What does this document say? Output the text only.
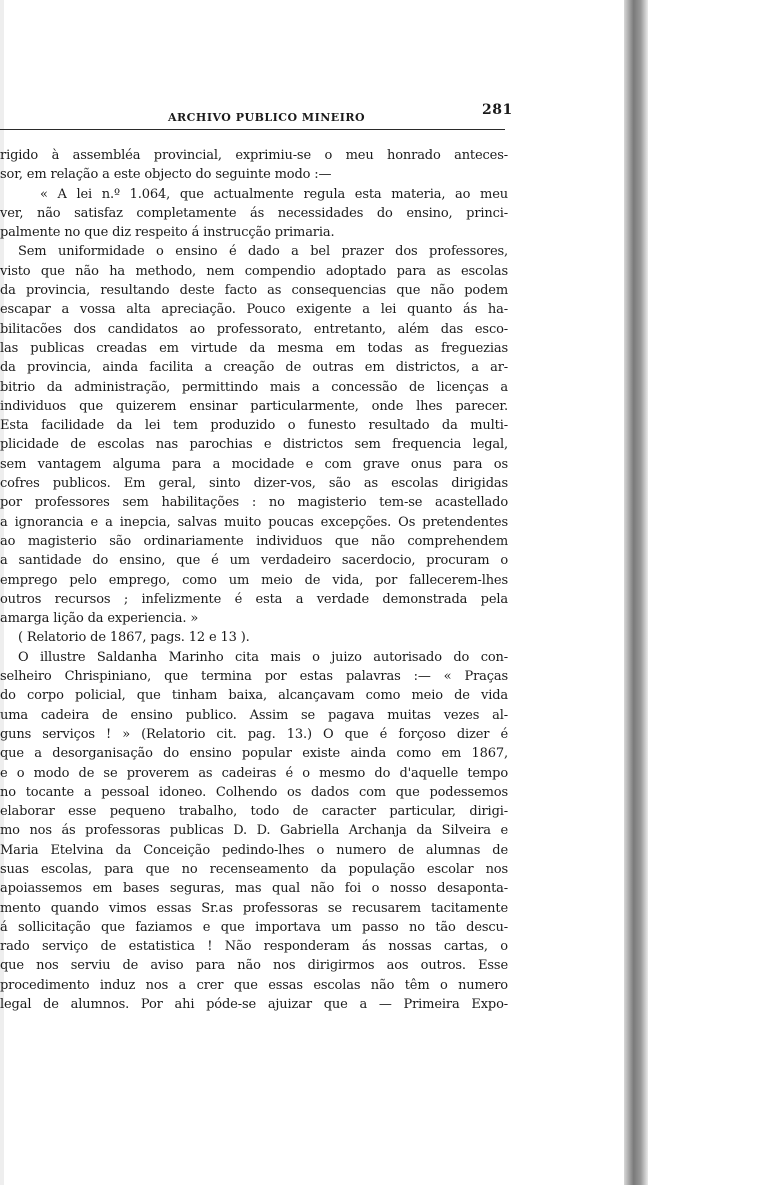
ARCHIVO PUBLICO MINEIRO	281
rigido à assembléa provincial, exprimiu-se o meu honrado anteces-
sor, em relação a este objecto do seguinte modo :—
« A lei n.º 1.064, que actualmente regula esta materia, ao meu
ver, não satisfaz completamente ás necessidades do ensino, princi-
palmente no que diz respeito á instrucção primaria.
Sem uniformidade o ensino é dado a bel prazer dos professores,
visto que não ha methodo, nem compendio adoptado para as escolas
da provincia, resultando deste facto as consequencias que não podem
escapar a vossa alta apreciação. Pouco exigente a lei quanto ás ha-
bilitacões dos candidatos ao professorato, entretanto, além das esco-
las publicas creadas em virtude da mesma em todas as freguezias
da provincia, ainda facilita a creação de outras em districtos, a ar-
bitrio da administração, permittindo mais a concessão de licenças a
individuos que quizerem ensinar particularmente, onde lhes parecer.
Esta facilidade da lei tem produzido o funesto resultado da multi-
plicidade de escolas nas parochias e districtos sem frequencia legal,
sem vantagem alguma para a mocidade e com grave onus para os
cofres publicos. Em geral, sinto dizer-vos, são as escolas dirigidas
por professores sem habilitações : no magisterio tem-se acastellado
a ignorancia e a inepcia, salvas muito poucas excepções. Os pretendentes
ao magisterio são ordinariamente individuos que não comprehendem
a santidade do ensino, que é um verdadeiro sacerdocio, procuram o
emprego pelo emprego, como um meio de vida, por fallecerem-lhes
outros recursos ; infelizmente é esta a verdade demonstrada pela
amarga lição da experiencia. »
( Relatorio de 1867, pags. 12 e 13 ).
O illustre Saldanha Marinho cita mais o juizo autorisado do con-
selheiro Chrispiniano, que termina por estas palavras :— « Praças
do corpo policial, que tinham baixa, alcançavam como meio de vida
uma cadeira de ensino publico. Assim se pagava muitas vezes al-
guns serviços ! » (Relatorio cit. pag. 13.) O que é forçoso dizer é
que a desorganisação do ensino popular existe ainda como em 1867,
e o modo de se proverem as cadeiras é o mesmo do d'aquelle tempo
no tocante a pessoal idoneo. Colhendo os dados com que podessemos
elaborar esse pequeno trabalho, todo de caracter particular, dirigi-
mo nos ás professoras publicas D. D. Gabriella Archanja da Silveira e
Maria Etelvina da Conceição pedindo-lhes o numero de alumnas de
suas escolas, para que no recenseamento da população escolar nos
apoiassemos em bases seguras, mas qual não foi o nosso desaponta-
mento quando vimos essas Sr.as professoras se recusarem tacitamente
á sollicitação que faziamos e que importava um passo no tão descu-
rado serviço de estatistica ! Não responderam ás nossas cartas, o
que nos serviu de aviso para não nos dirigirmos aos outros. Esse
procedimento induz nos a crer que essas escolas não têm o numero
legal de alumnos. Por ahi póde-se ajuizar que a — Primeira Expo-
